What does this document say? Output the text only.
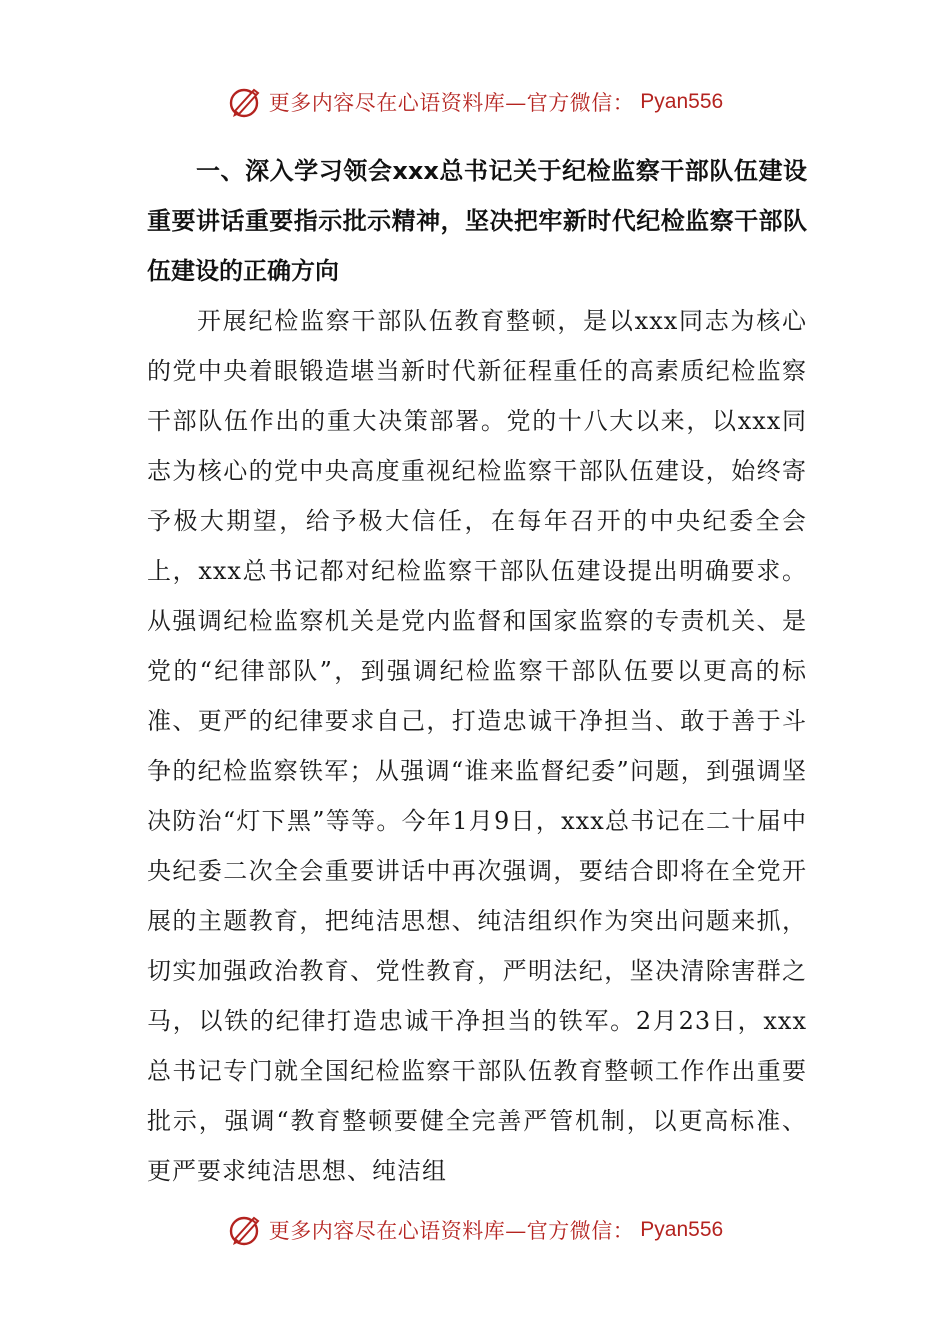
更多内容尽在心语资料库—官方微信： Pyan556
一、深入学习领会xxx总书记关于纪检监察干部队伍建设重要讲话重要指示批示精神，坚决把牢新时代纪检监察干部队伍建设的正确方向

开展纪检监察干部队伍教育整顿，是以xxx同志为核心的党中央着眼锻造堪当新时代新征程重任的高素质纪检监察干部队伍作出的重大决策部署。党的十八大以来，以xxx同志为核心的党中央高度重视纪检监察干部队伍建设，始终寄予极大期望，给予极大信任，在每年召开的中央纪委全会上，xxx总书记都对纪检监察干部队伍建设提出明确要求。从强调纪检监察机关是党内监督和国家监察的专责机关、是党的“纪律部队”，到强调纪检监察干部队伍要以更高的标准、更严的纪律要求自己，打造忠诚干净担当、敢于善于斗争的纪检监察铁军；从强调“谁来监督纪委”问题，到强调坚决防治“灯下黑”等等。今年1月9日，xxx总书记在二十届中央纪委二次全会重要讲话中再次强调，要结合即将在全党开展的主题教育，把纯洁思想、纯洁组织作为突出问题来抓，切实加强政治教育、党性教育，严明法纪，坚决清除害群之马，以铁的纪律打造忠诚干净担当的铁军。2月23日，xxx总书记专门就全国纪检监察干部队伍教育整顿工作作出重要批示，强调“教育整顿要健全完善严管机制，以更高标准、更严要求纯洁思想、纯洁组

更多内容尽在心语资料库—官方微信： Pyan556
